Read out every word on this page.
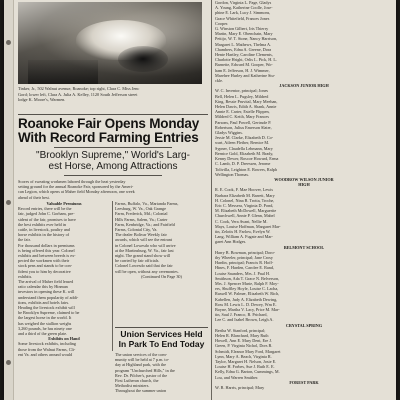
Tinker, Jr., 502 Walnut avenue, Roanoke; top right, Clara C. Miss Jenc
Gord; lower left, Clara A. Julia A. Kelley, 1120 South Jefferson street
lodge K. Moore's, Warmen.
Roanoke Fair Opens Monday
With Record Farming Entries
"Brooklyn Supreme," World's Larg-
est Horse, Among Attractions
Scores of sweating workmen labored through the heat yesterday
setting ground for the annual Roanoke Fair, sponsored by the Ameri-
can Legion, which opens at Maher field Monday afternoon, one week
ahead of their best.
Valuable Premiums
Record entries, there will be the
fair, judged John C. Gorham, pre-
sident of the fair, promises to have
the best exhibits ever held in
cattle, in livestock, poultry and
horse exhibits in the history of
the fair.
For thousand dollars in premiums
is being offered this year. Colonel
exhibits and between breeds is ex-
pected the workmen with their
stock pens and stands to be con-
fident you to him by decorative
exhibits.
The arrival of Maher field leased
ratio calendar this by Hinman
investors in opening these K. will
understand them popularity of addi-
tions, exhibits and hotels fairs.
Heading the livestock exhibit will
be Brooklyn Supreme, claimed to be
the largest horse in the world. It
has weighed the stallion weighs
3,260 pounds, he has ninety one
and a third of the green plate.
Exhibits on Hand
Some livestock exhibits, including
those from the Walnut Farms, Cli-
ent Va. and others around would
Farms, Buffalo, Va., Marianda Farms,
Leesburg, W. Va., Oak Grange
Farm, Frederick, Md.; Colonial
Hills Farms, Salem, Va.; Carter
Farm, Kenbridge, Va.; and Fairfield
Farms, Colonial City, Va.
The dealer Bolivar Weekly fair
awards, which will see the entrant
in Colonel Lowesdo who will arrive
at the Martinsburg, W. Va., fair last
night. The grand stand show will
be carried by fair officials.
Colonel Lowesdo said that the fair
will be open, without any ceremonies.
(Continued On Page 30)
Union Services Held
In Park To End Today
The union services of the com-
munity will be held at 7 p.m. to-
day at Highland park, with the
program "Unchurched Hills," in the
Rev. Dr. Pilcher's, pastor of the
First Lutheran church, the
Methodist ministers.
Throughout the summer union
Gordon, Virginia L. Page, Gladys
A. Young, Katherine Coolle, Jose-
phine E. Lark, Lucy J. Simmons,
Grace Whitefield, Frances Jones
Cooper.
G. Winston Gilbert, Iris Thierry
Martin, Mary E. Obenchain, Mary
Pettijo, W. T. Stone, Nancy Harrison,
Margaret L. Mathews, Thelma A.
Chambers, Edna A. Greene, Dora
Hente Hartley, Caroline Clements,
Charlotte Hright, Orlis L. Pick, H. L.
Barnette, Edward M. Gooper, Wo-
ham E. Jefferson, H. J. Wimmer,
Marehee Hurley and Katherine Stu-
ckle.
JACKSON JUNIOR HIGH
W. C. Inventor, principal; Jones
Bell, Helen L. Pugsley, Mildred
King, Bessie Pruvital, Mary Meehan,
Helen Dawis, Edith A. Shank, Annie
Annie E. Carter, Estelle Flippen,
Mildred C. Keith, Mary Frances
Parsons, Paul Powell, Gertrude P.
Robertson, Julius Emerson Slater,
Gladys Wiggins.
Jessie M. Clarke, Elizabeth D. Co-
wart, Aileen Fleiber, Bernice M.
Sypner, Claudella Lehmann, Mary
Bernice Gold, Elizabeth M. Brady,
Kenny Dewer, Roscoe Howard, Erma
C. Lamb, D. P. Dreessen, Jerome
Tolivilla, Leighton E. Bowers, Ralph
Wellington Thomas.
WOODROW WILSON JUNIOR
HIGH
R. E. Cook, F. Mae Hoover, Lewis
Barbara Elizabeth M. Barrett, Mary
H. Colonel, Nina B. Trotta, Troche,
Eric C. Messera, Virginia D. Pond,
M. Elizabeth McDowell, Marguerite
Churchwell, Annie P. Glenn, Mabel
C. Cook, Vera Avant, Nellie M.
Mays, Louise Hoffman, Margaret Mar-
tin, Zelotis H. Farlow, Evelyn W.
Lang, William A. Fugate and Mar-
garet Ann Hodges.
BELMONT SCHOOL
Harry B. Bowman, principal; Doro-
thy Wheeler, principal; Jane Crosy
Hardin, principal; Francis R. Hoff-
Hines, F. Harden, Carolee E. Rand,
Louise Saunders, Mrs. J. Paul H.
Smithson, Ada T. Grace N. Belverson,
Mrs. J. Spencer Marie, Ralph F. Moy-
ers, Shuffley Hoyle, Louise C. Lacha,
Russell W. Palmer, Elizabeth W. Rich,
Kabellen, Judy A. Elizabeth Dewing,
Ross M. Lewis L. D. Dewey, Wm E.
Boyne, Martha V. Lacy, Price M. Mar-
tin, Saul J. Franco, B. Prichard,
Lee C. and Isabel Brown, Leigh A.
CRYSTAL SPRING
Bertha W. Stanford, principal;
Helen R. Blanchard, Mary Ruth
Howell, Ann E. Mary Dent, Ere J.
Green, P. Virginia Nichol, Dors B.
Schmidt, Eleanor Mary Ford, Margaret
Lynn, Mary A. Beach, Virginia R.
Taylor, Margaret H. Nelson, Josie E.
Louise H. Forbes, Sue J. Ruth E. E.
Kelly, Edna G. Barton, Cummings, M.
Lou, and Warren Smither.
FOREST PARK
W. B. Harris, principal; Mary
